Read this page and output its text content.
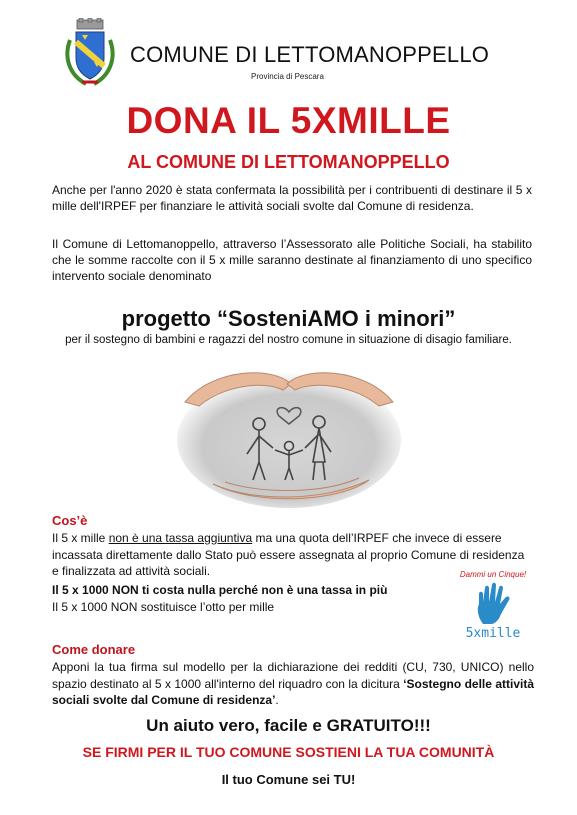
COMUNE DI LETTOMANOPPELLO
Provincia di Pescara
DONA IL 5XMILLE
AL COMUNE DI LETTOMANOPPELLO

Anche per l'anno 2020 è stata confermata la possibilità per i contribuenti di destinare il 5 x mille dell'IRPEF per finanziare le attività sociali svolte dal Comune di residenza.

Il Comune di Lettomanoppello, attraverso l’Assessorato alle Politiche Sociali, ha stabilito che le somme raccolte con il 5 x mille saranno destinate al finanziamento di uno specifico intervento sociale denominato

progetto “SosteniAMO i minori”
per il sostegno di bambini e ragazzi del nostro comune in situazione di disagio familiare.
Cos’è
Il 5 x mille non è una tassa aggiuntiva ma una quota dell’IRPEF che invece di essere incassata direttamente dallo Stato può essere assegnata al proprio Comune di residenza e finalizzata ad attività sociali.
Il 5 x 1000 NON ti costa nulla perché non è una tassa in più
Il 5 x 1000 NON sostituisce l’otto per mille
Dammi un Cinque!
5xmille
Come donare
Apponi la tua firma sul modello per la dichiarazione dei redditi (CU, 730, UNICO) nello spazio destinato al 5 x 1000 all'interno del riquadro con la dicitura ‘Sostegno delle attività sociali svolte dal Comune di residenza’.
Un aiuto vero, facile e GRATUITO!!!
SE FIRMI PER IL TUO COMUNE SOSTIENI LA TUA COMUNITÀ
Il tuo Comune sei TU!
